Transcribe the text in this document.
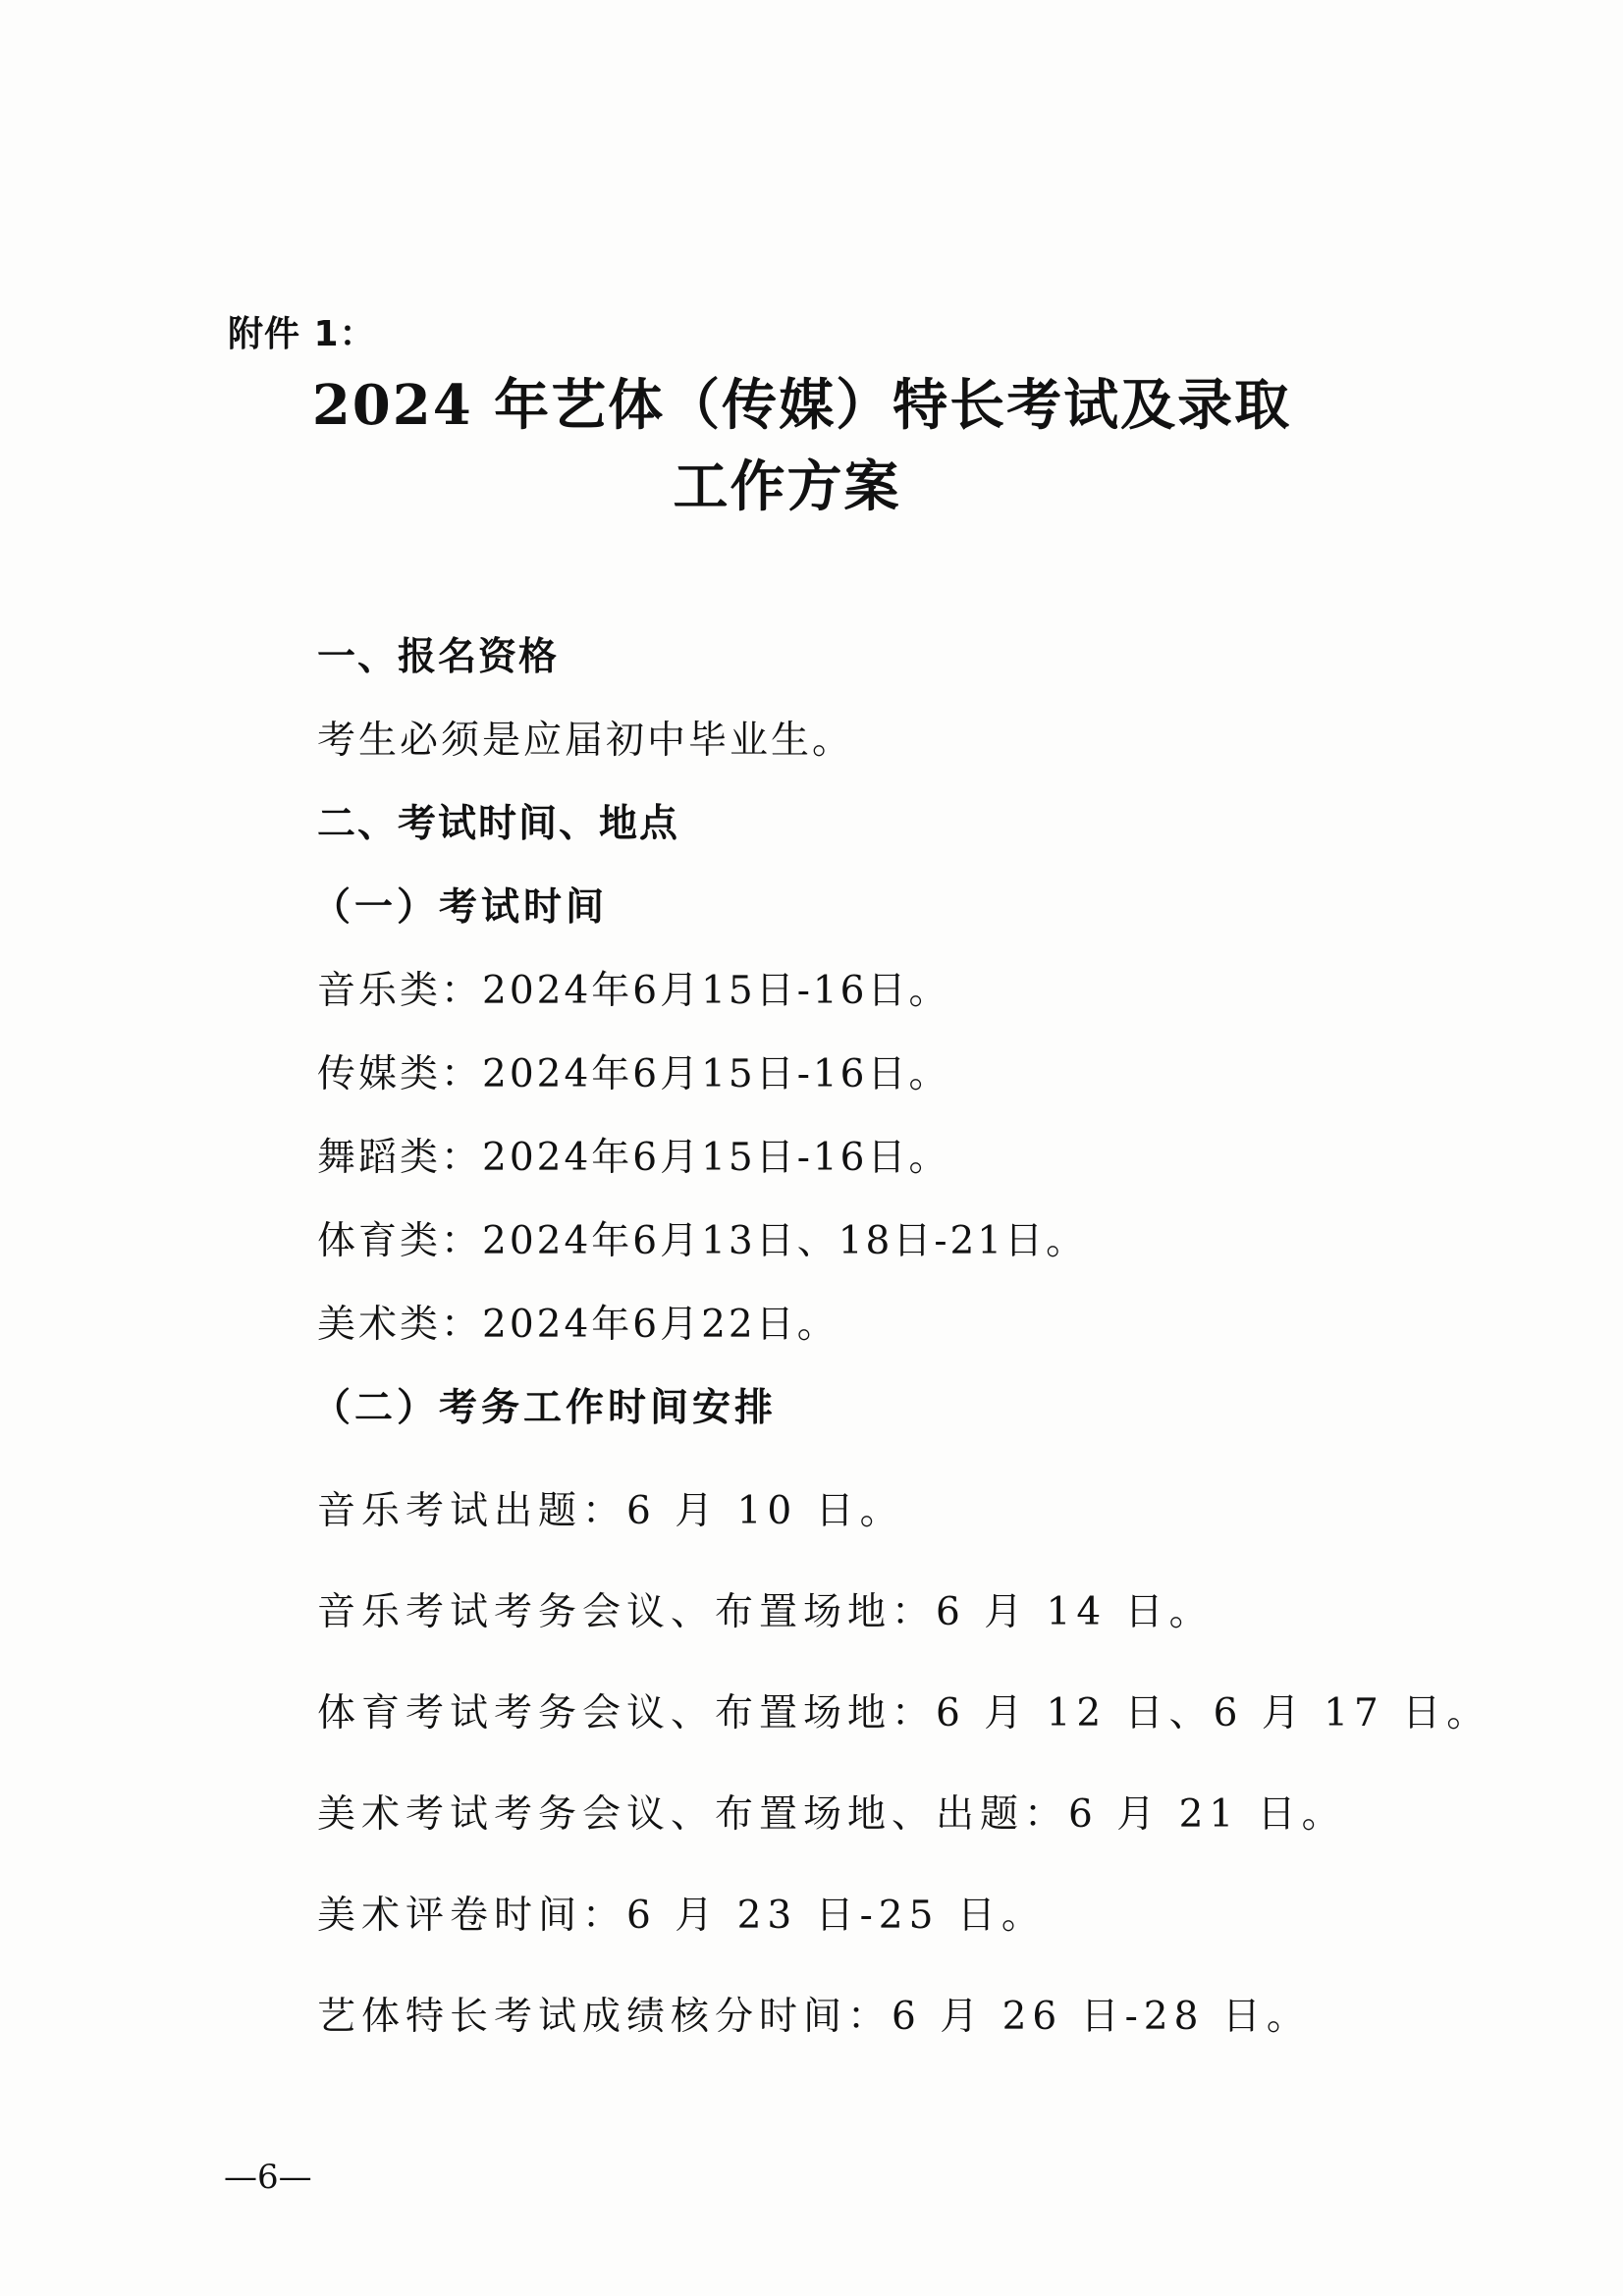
附件 1：
2024 年艺体（传媒）特长考试及录取
工作方案
一、报名资格
考生必须是应届初中毕业生。
二、考试时间、地点
（一）考试时间
音乐类：2024年6月15日-16日。
传媒类：2024年6月15日-16日。
舞蹈类：2024年6月15日-16日。
体育类：2024年6月13日、18日-21日。
美术类：2024年6月22日。
（二）考务工作时间安排
音乐考试出题：6 月 10 日。
音乐考试考务会议、布置场地：6 月 14 日。
体育考试考务会议、布置场地：6 月 12 日、6 月 17 日。
美术考试考务会议、布置场地、出题：6 月 21 日。
美术评卷时间：6 月 23 日-25 日。
艺体特长考试成绩核分时间：6 月 26 日-28 日。
—6—
